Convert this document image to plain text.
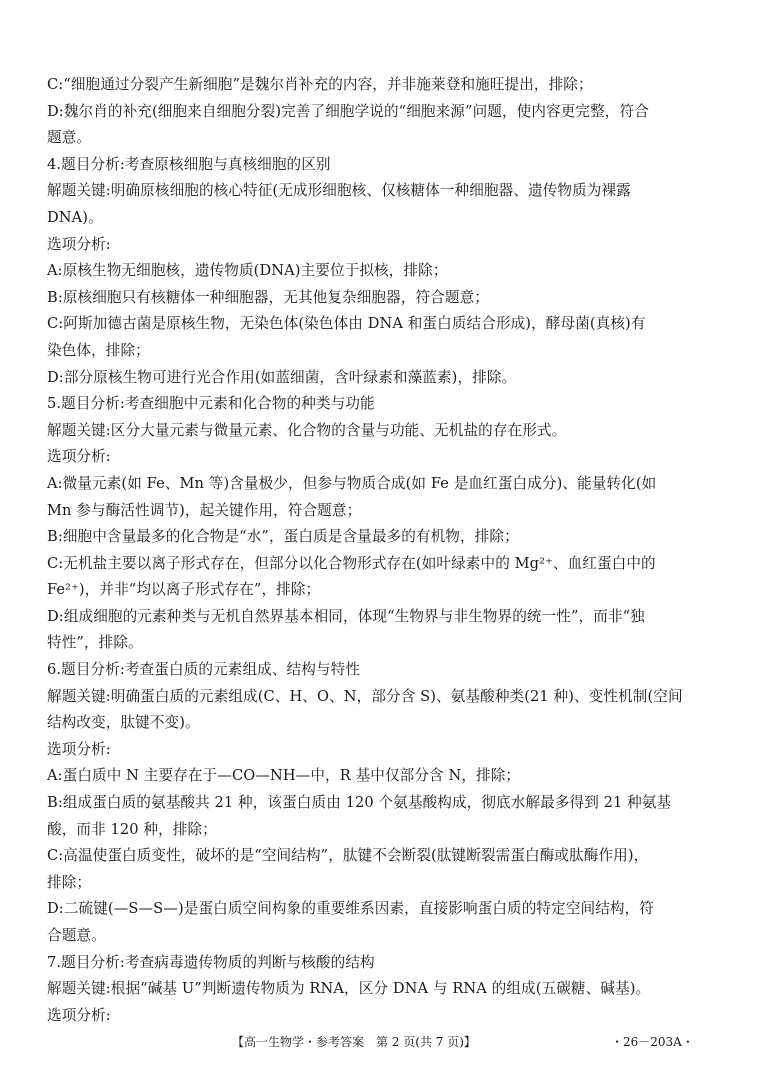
C:“细胞通过分裂产生新细胞”是魏尔肖补充的内容，并非施莱登和施旺提出，排除；
D:魏尔肖的补充(细胞来自细胞分裂)完善了细胞学说的“细胞来源”问题，使内容更完整，符合
题意。
4.题目分析:考查原核细胞与真核细胞的区别
解题关键:明确原核细胞的核心特征(无成形细胞核、仅核糖体一种细胞器、遗传物质为裸露
DNA)。
选项分析:
A:原核生物无细胞核，遗传物质(DNA)主要位于拟核，排除；
B:原核细胞只有核糖体一种细胞器，无其他复杂细胞器，符合题意；
C:阿斯加德古菌是原核生物，无染色体(染色体由 DNA 和蛋白质结合形成)，酵母菌(真核)有
染色体，排除；
D:部分原核生物可进行光合作用(如蓝细菌，含叶绿素和藻蓝素)，排除。
5.题目分析:考查细胞中元素和化合物的种类与功能
解题关键:区分大量元素与微量元素、化合物的含量与功能、无机盐的存在形式。
选项分析:
A:微量元素(如 Fe、Mn 等)含量极少，但参与物质合成(如 Fe 是血红蛋白成分)、能量转化(如
Mn 参与酶活性调节)，起关键作用，符合题意；
B:细胞中含量最多的化合物是“水”，蛋白质是含量最多的有机物，排除；
C:无机盐主要以离子形式存在，但部分以化合物形式存在(如叶绿素中的 Mg²⁺、血红蛋白中的
Fe²⁺)，并非“均以离子形式存在”，排除；
D:组成细胞的元素种类与无机自然界基本相同，体现“生物界与非生物界的统一性”，而非“独
特性”，排除。
6.题目分析:考查蛋白质的元素组成、结构与特性
解题关键:明确蛋白质的元素组成(C、H、O、N，部分含 S)、氨基酸种类(21 种)、变性机制(空间
结构改变，肽键不变)。
选项分析:
A:蛋白质中 N 主要存在于—CO—NH—中，R 基中仅部分含 N，排除；
B:组成蛋白质的氨基酸共 21 种，该蛋白质由 120 个氨基酸构成，彻底水解最多得到 21 种氨基
酸，而非 120 种，排除；
C:高温使蛋白质变性，破坏的是“空间结构”，肽键不会断裂(肽键断裂需蛋白酶或肽酶作用)，
排除；
D:二硫键(—S—S—)是蛋白质空间构象的重要维系因素，直接影响蛋白质的特定空间结构，符
合题意。
7.题目分析:考查病毒遗传物质的判断与核酸的结构
解题关键:根据“碱基 U”判断遗传物质为 RNA，区分 DNA 与 RNA 的组成(五碳糖、碱基)。
选项分析:
【高一生物学・参考答案　第 2 页(共 7 页)】	・26－203A・
